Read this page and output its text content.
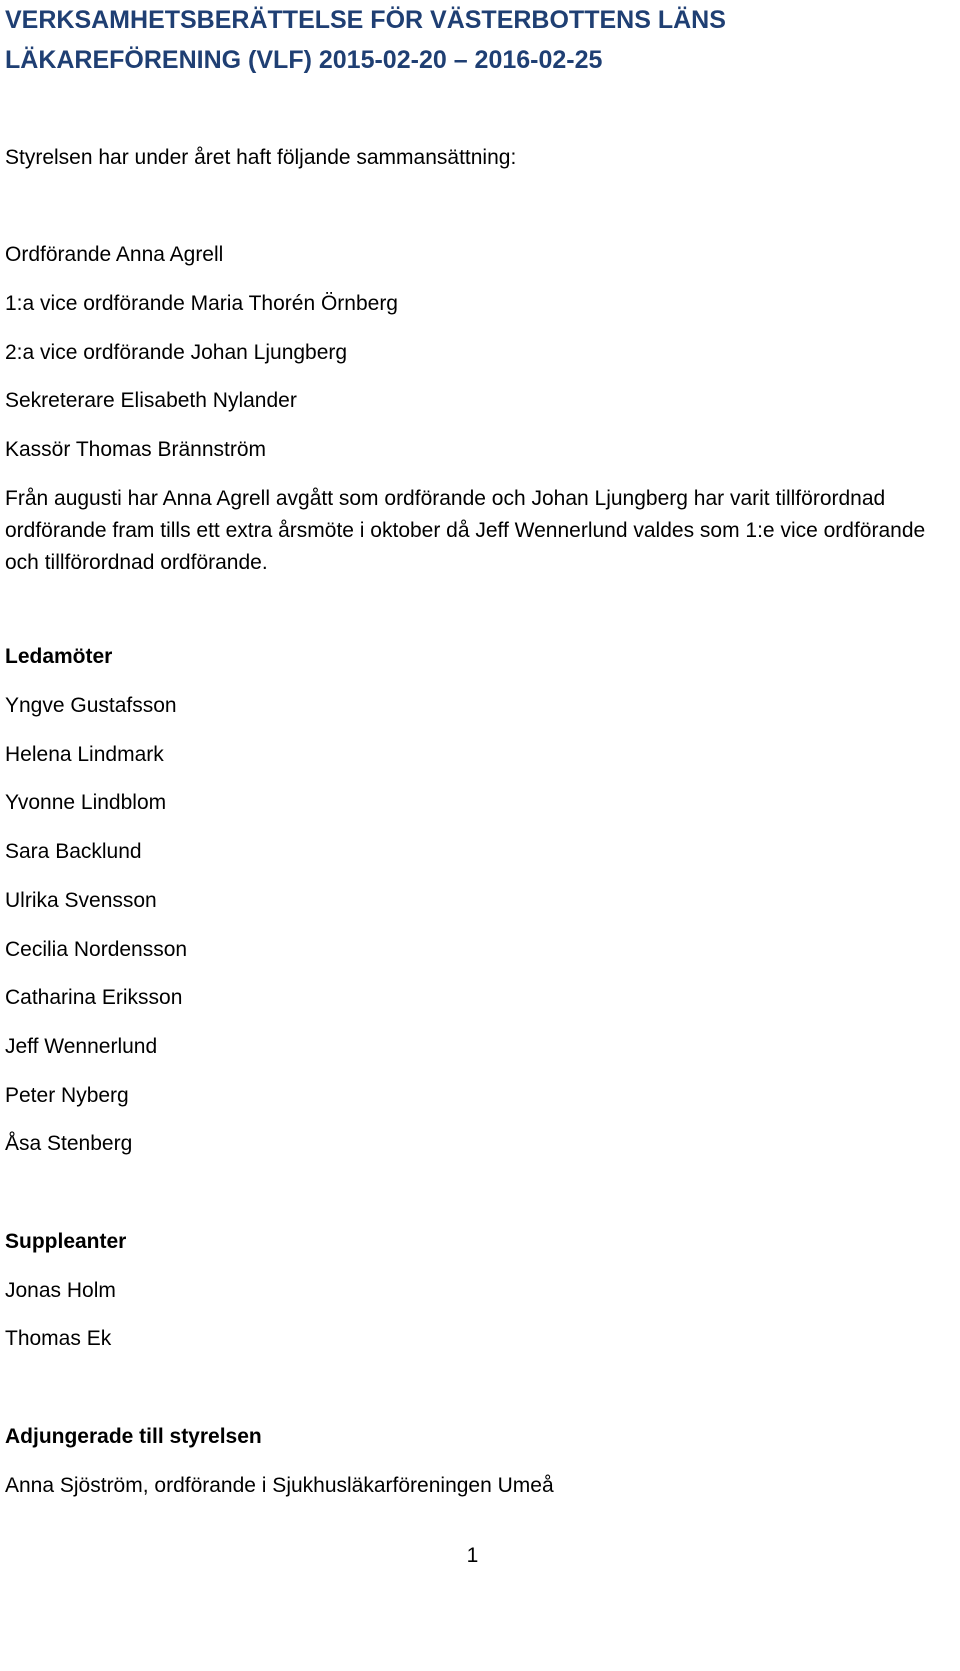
VERKSAMHETSBERÄTTELSE FÖR VÄSTERBOTTENS LÄNS
LÄKAREFÖRENING (VLF) 2015-02-20 – 2016-02-25

Styrelsen har under året haft följande sammansättning:

Ordförande Anna Agrell

1:a vice ordförande Maria Thorén Örnberg

2:a vice ordförande Johan Ljungberg

Sekreterare Elisabeth Nylander

Kassör Thomas Brännström

Från augusti har Anna Agrell avgått som ordförande och Johan Ljungberg har varit tillförordnad ordförande fram tills ett extra årsmöte i oktober då Jeff Wennerlund valdes som 1:e vice ordförande och tillförordnad ordförande.

Ledamöter

Yngve Gustafsson

Helena Lindmark

Yvonne Lindblom

Sara Backlund

Ulrika Svensson

Cecilia Nordensson

Catharina Eriksson

Jeff Wennerlund

Peter Nyberg

Åsa Stenberg

Suppleanter

Jonas Holm

Thomas Ek

Adjungerade till styrelsen

Anna Sjöström, ordförande i Sjukhusläkarföreningen Umeå

1
